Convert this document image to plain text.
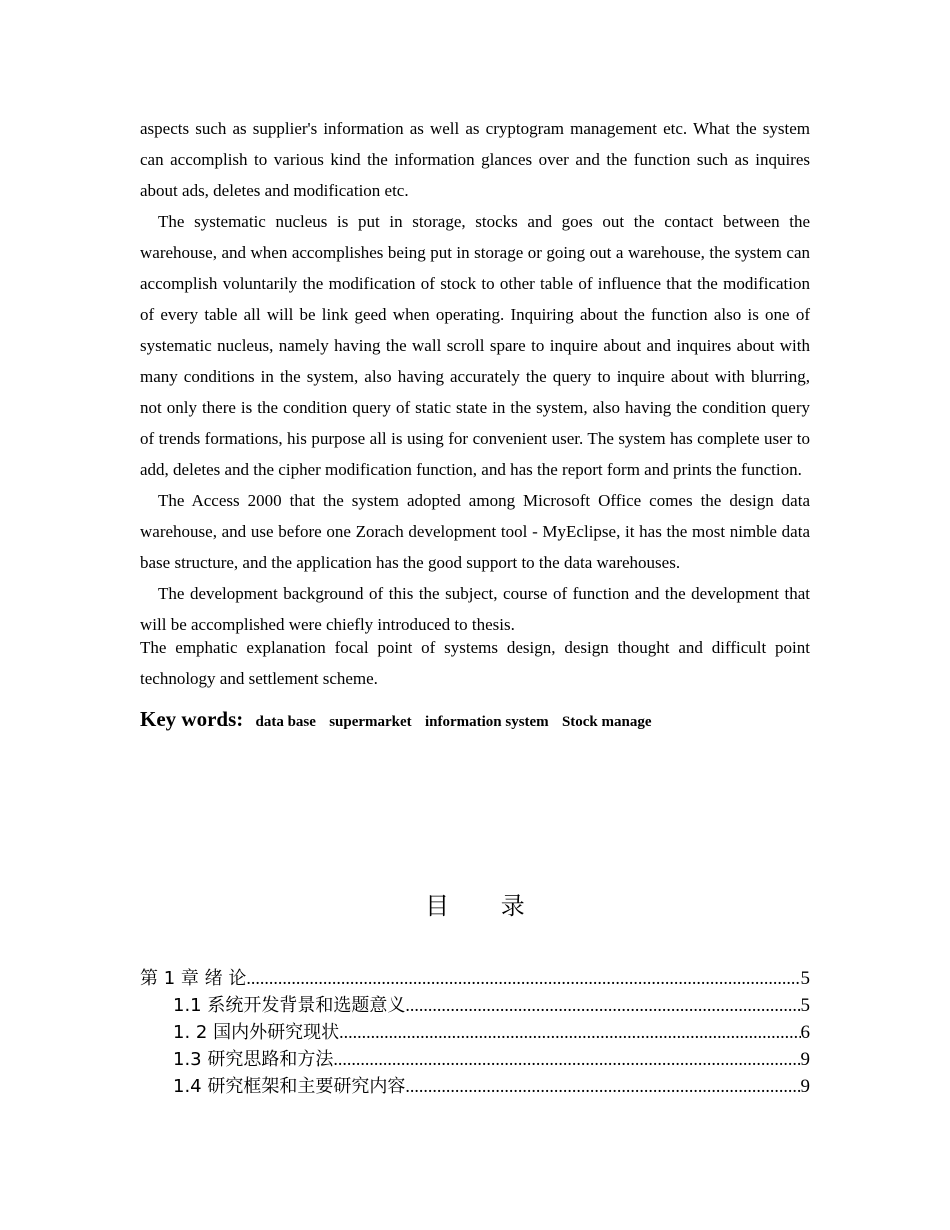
aspects such as supplier's information as well as cryptogram management etc. What the system can accomplish to various kind the information glances over and the function such as inquires about ads, deletes and modification etc.

The systematic nucleus is put in storage, stocks and goes out the contact between the warehouse, and when accomplishes being put in storage or going out a warehouse, the system can accomplish voluntarily the modification of stock to other table of influence that the modification of every table all will be link geed when operating. Inquiring about the function also is one of systematic nucleus, namely having the wall scroll spare to inquire about and inquires about with many conditions in the system, also having accurately the query to inquire about with blurring, not only there is the condition query of static state in the system, also having the condition query of trends formations, his purpose all is using for convenient user. The system has complete user to add, deletes and the cipher modification function, and has the report form and prints the function.

The Access 2000 that the system adopted among Microsoft Office comes the design data warehouse, and use before one Zorach development tool - MyEclipse, it has the most nimble data base structure, and the application has the good support to the data warehouses.

The development background of this the subject, course of function and the development that will be accomplished were chiefly introduced to thesis.

The emphatic explanation focal point of systems design, design thought and difficult point technology and settlement scheme.

Key words: data base supermarket information system Stock manage
目 录
第 1 章 绪 论 .....	5
1.1 系统开发背景和选题意义 .....	5
1. 2 国内外研究现状 .....	6
1.3 研究思路和方法 .....	9
1.4 研究框架和主要研究内容 .....	9
